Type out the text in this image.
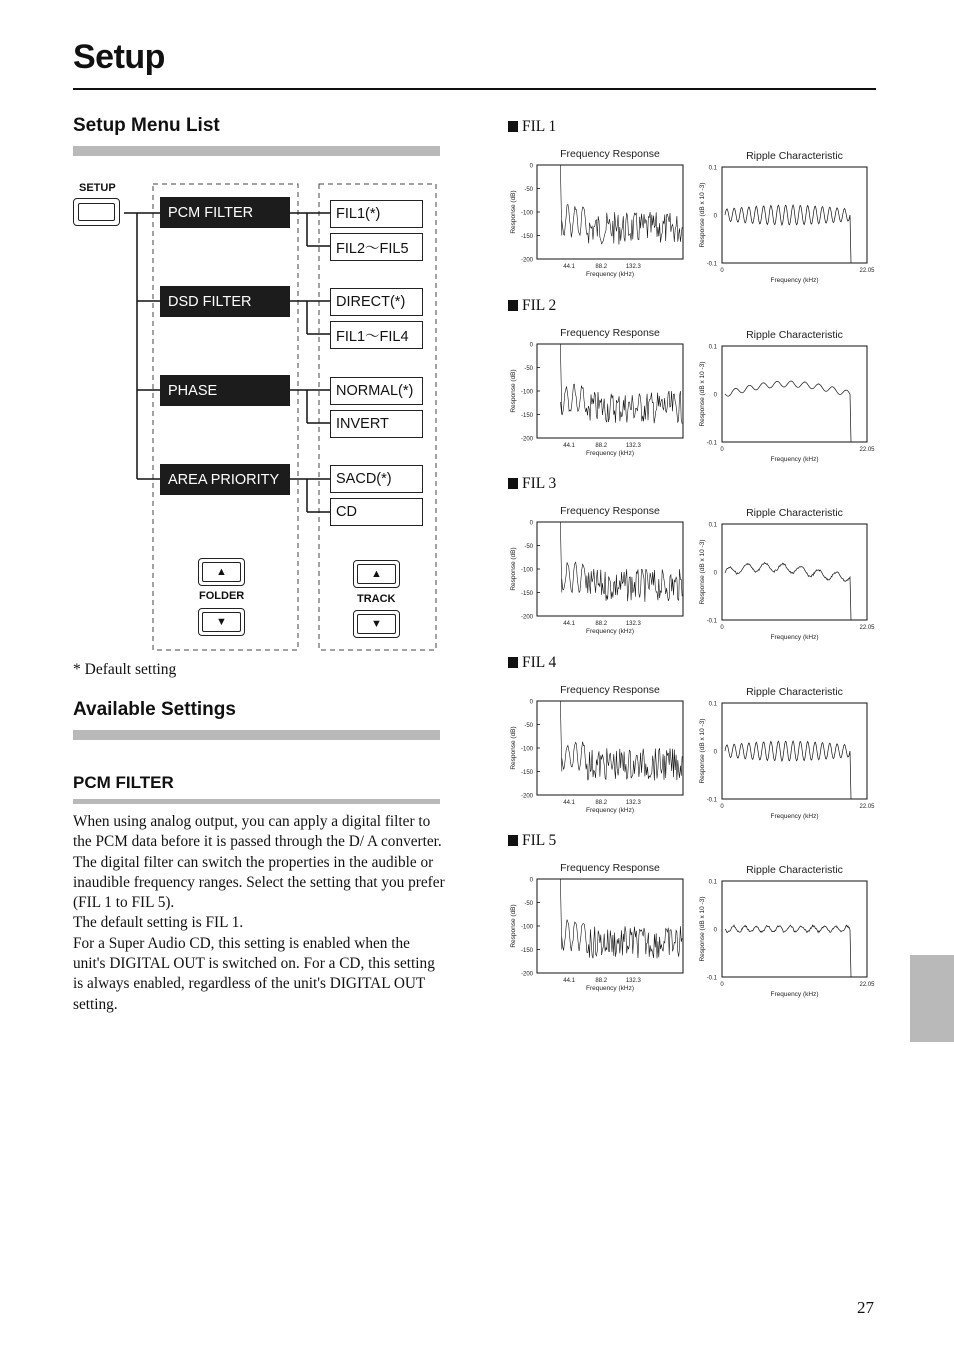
Setup
Setup Menu List
SETUP
PCM FILTER
DSD FILTER
PHASE
AREA PRIORITY
FIL1(*)
FIL2～FIL5
DIRECT(*)
FIL1～FIL4
NORMAL(*)
INVERT
SACD(*)
CD
▲
FOLDER
▼
▲
TRACK
▼
* Default setting
Available Settings
PCM FILTER

When using analog output, you can apply a digital filter to the PCM data before it is passed through the D/ A converter.

The digital filter can switch the properties in the audible or inaudible frequency ranges. Select the setting that you prefer (FIL 1 to FIL 5).

The default setting is FIL 1.

For a Super Audio CD, this setting is enabled when the unit's DIGITAL OUT is switched on. For a CD, this setting is always enabled, regardless of the unit's DIGITAL OUT setting.

FIL 1
Frequency Response
0
-50
-100
-150
-200
44.1	88.2	132.3
Frequency (kHz)
Response (dB)
Ripple Characteristic
0.1
0
-0.1
0	22.05
Frequency (kHz)
Response (dB x 10 -3)
FIL 2
Frequency Response
0
-50
-100
-150
-200
44.1	88.2	132.3
Frequency (kHz)
Response (dB)
Ripple Characteristic
0.1
0
-0.1
0	22.05
Frequency (kHz)
Response (dB x 10 -3)
FIL 3
Frequency Response
0
-50
-100
-150
-200
44.1	88.2	132.3
Frequency (kHz)
Response (dB)
Ripple Characteristic
0.1
0
-0.1
0	22.05
Frequency (kHz)
Response (dB x 10 -3)
FIL 4
Frequency Response
0
-50
-100
-150
-200
44.1	88.2	132.3
Frequency (kHz)
Response (dB)
Ripple Characteristic
0.1
0
-0.1
0	22.05
Frequency (kHz)
Response (dB x 10 -3)
FIL 5
Frequency Response
0
-50
-100
-150
-200
44.1	88.2	132.3
Frequency (kHz)
Response (dB)
Ripple Characteristic
0.1
0
-0.1
0	22.05
Frequency (kHz)
Response (dB x 10 -3)
27
